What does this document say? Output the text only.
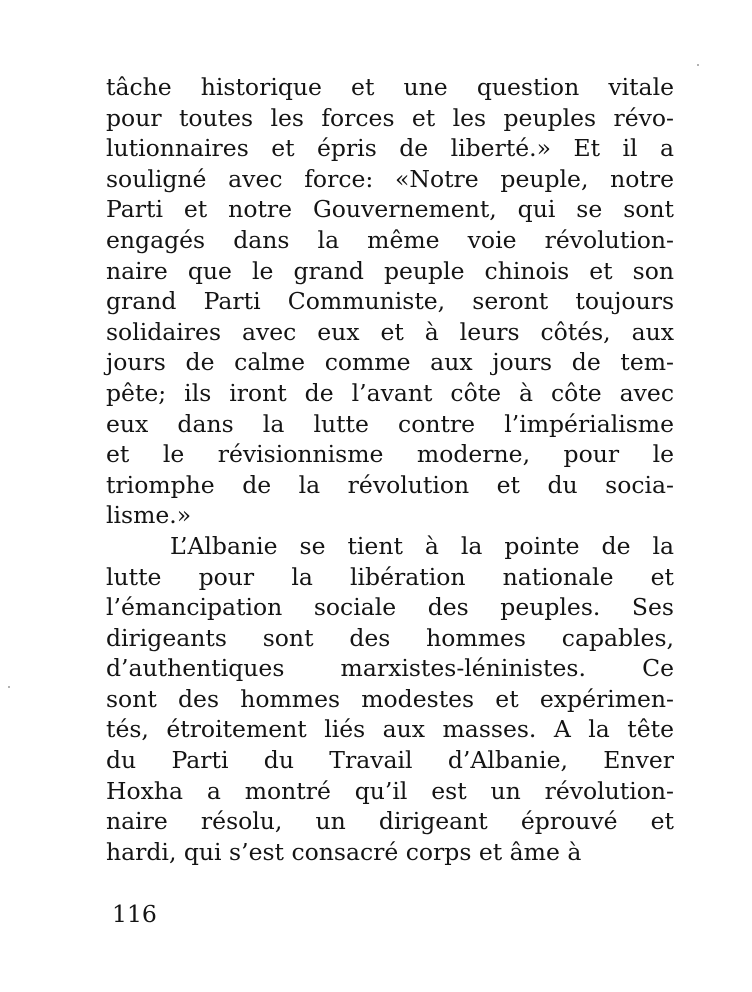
tâche historique et une question vitale
pour toutes les forces et les peuples révo-
lutionnaires et épris de liberté.» Et il a
souligné avec force: «Notre peuple, notre
Parti et notre Gouvernement, qui se sont
engagés dans la même voie révolution-
naire que le grand peuple chinois et son
grand Parti Communiste, seront toujours
solidaires avec eux et à leurs côtés, aux
jours de calme comme aux jours de tem-
pête; ils iront de l’avant côte à côte avec
eux dans la lutte contre l’impérialisme
et le révisionnisme moderne, pour le
triomphe de la révolution et du socia-
lisme.»
L’Albanie se tient à la pointe de la
lutte pour la libération nationale et
l’émancipation sociale des peuples. Ses
dirigeants sont des hommes capables,
d’authentiques marxistes-léninistes. Ce
sont des hommes modestes et expérimen-
tés, étroitement liés aux masses. A la tête
du Parti du Travail d’Albanie, Enver
Hoxha a montré qu’il est un révolution-
naire résolu, un dirigeant éprouvé et
hardi, qui s’est consacré corps et âme à
116
